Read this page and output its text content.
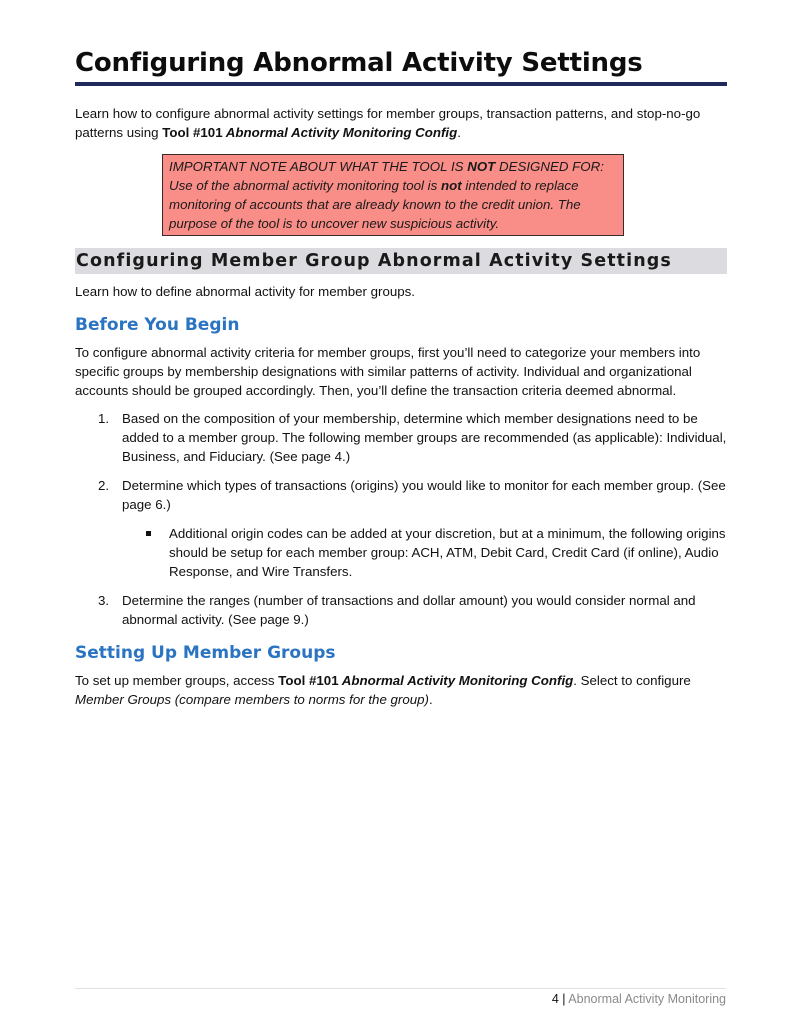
Configuring Abnormal Activity Settings

Learn how to configure abnormal activity settings for member groups, transaction patterns, and stop-no-go patterns using Tool #101 Abnormal Activity Monitoring Config.

IMPORTANT NOTE ABOUT WHAT THE TOOL IS NOT DESIGNED FOR: Use of the abnormal activity monitoring tool is not intended to replace monitoring of accounts that are already known to the credit union. The purpose of the tool is to uncover new suspicious activity.
Configuring Member Group Abnormal Activity Settings

Learn how to define abnormal activity for member groups.

Before You Begin

To configure abnormal activity criteria for member groups, first you’ll need to categorize your members into specific groups by membership designations with similar patterns of activity. Individual and organizational accounts should be grouped accordingly. Then, you’ll define the transaction criteria deemed abnormal.

1. Based on the composition of your membership, determine which member designations need to be added to a member group. The following member groups are recommended (as applicable): Individual, Business, and Fiduciary. (See page 4.)

2. Determine which types of transactions (origins) you would like to monitor for each member group. (See page 6.)

Additional origin codes can be added at your discretion, but at a minimum, the following origins should be setup for each member group: ACH, ATM, Debit Card, Credit Card (if online), Audio Response, and Wire Transfers.

3. Determine the ranges (number of transactions and dollar amount) you would consider normal and abnormal activity. (See page 9.)

Setting Up Member Groups

To set up member groups, access Tool #101 Abnormal Activity Monitoring Config. Select to configure Member Groups (compare members to norms for the group).

4 | Abnormal Activity Monitoring
